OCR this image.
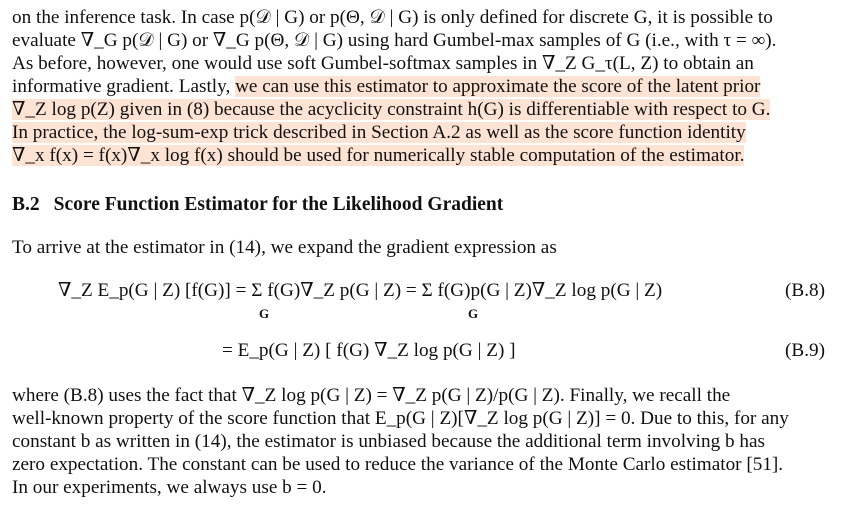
on the inference task. In case p(𝒟 | G) or p(Θ, 𝒟 | G) is only defined for discrete G, it is possible to
evaluate ∇_G p(𝒟 | G) or ∇_G p(Θ, 𝒟 | G) using hard Gumbel-max samples of G (i.e., with τ = ∞).
As before, however, one would use soft Gumbel-softmax samples in ∇_Z G_τ(L, Z) to obtain an
informative gradient. Lastly, we can use this estimator to approximate the score of the latent prior
∇_Z log p(Z) given in (8) because the acyclicity constraint h(G) is differentiable with respect to G.
In practice, the log-sum-exp trick described in Section A.2 as well as the score function identity
∇_x f(x) = f(x)∇_x log f(x) should be used for numerically stable computation of the estimator.
B.2 Score Function Estimator for the Likelihood Gradient
To arrive at the estimator in (14), we expand the gradient expression as
∇_Z E_p(G | Z) [f(G)] = Σ f(G)∇_Z p(G | Z) = Σ f(G)p(G | Z)∇_Z log p(G | Z)
G	G
(B.8)
= E_p(G | Z) [ f(G) ∇_Z log p(G | Z) ]	(B.9)
where (B.8) uses the fact that ∇_Z log p(G | Z) = ∇_Z p(G | Z)/p(G | Z). Finally, we recall the
well-known property of the score function that E_p(G | Z)[∇_Z log p(G | Z)] = 0. Due to this, for any
constant b as written in (14), the estimator is unbiased because the additional term involving b has
zero expectation. The constant can be used to reduce the variance of the Monte Carlo estimator [51].
In our experiments, we always use b = 0.
